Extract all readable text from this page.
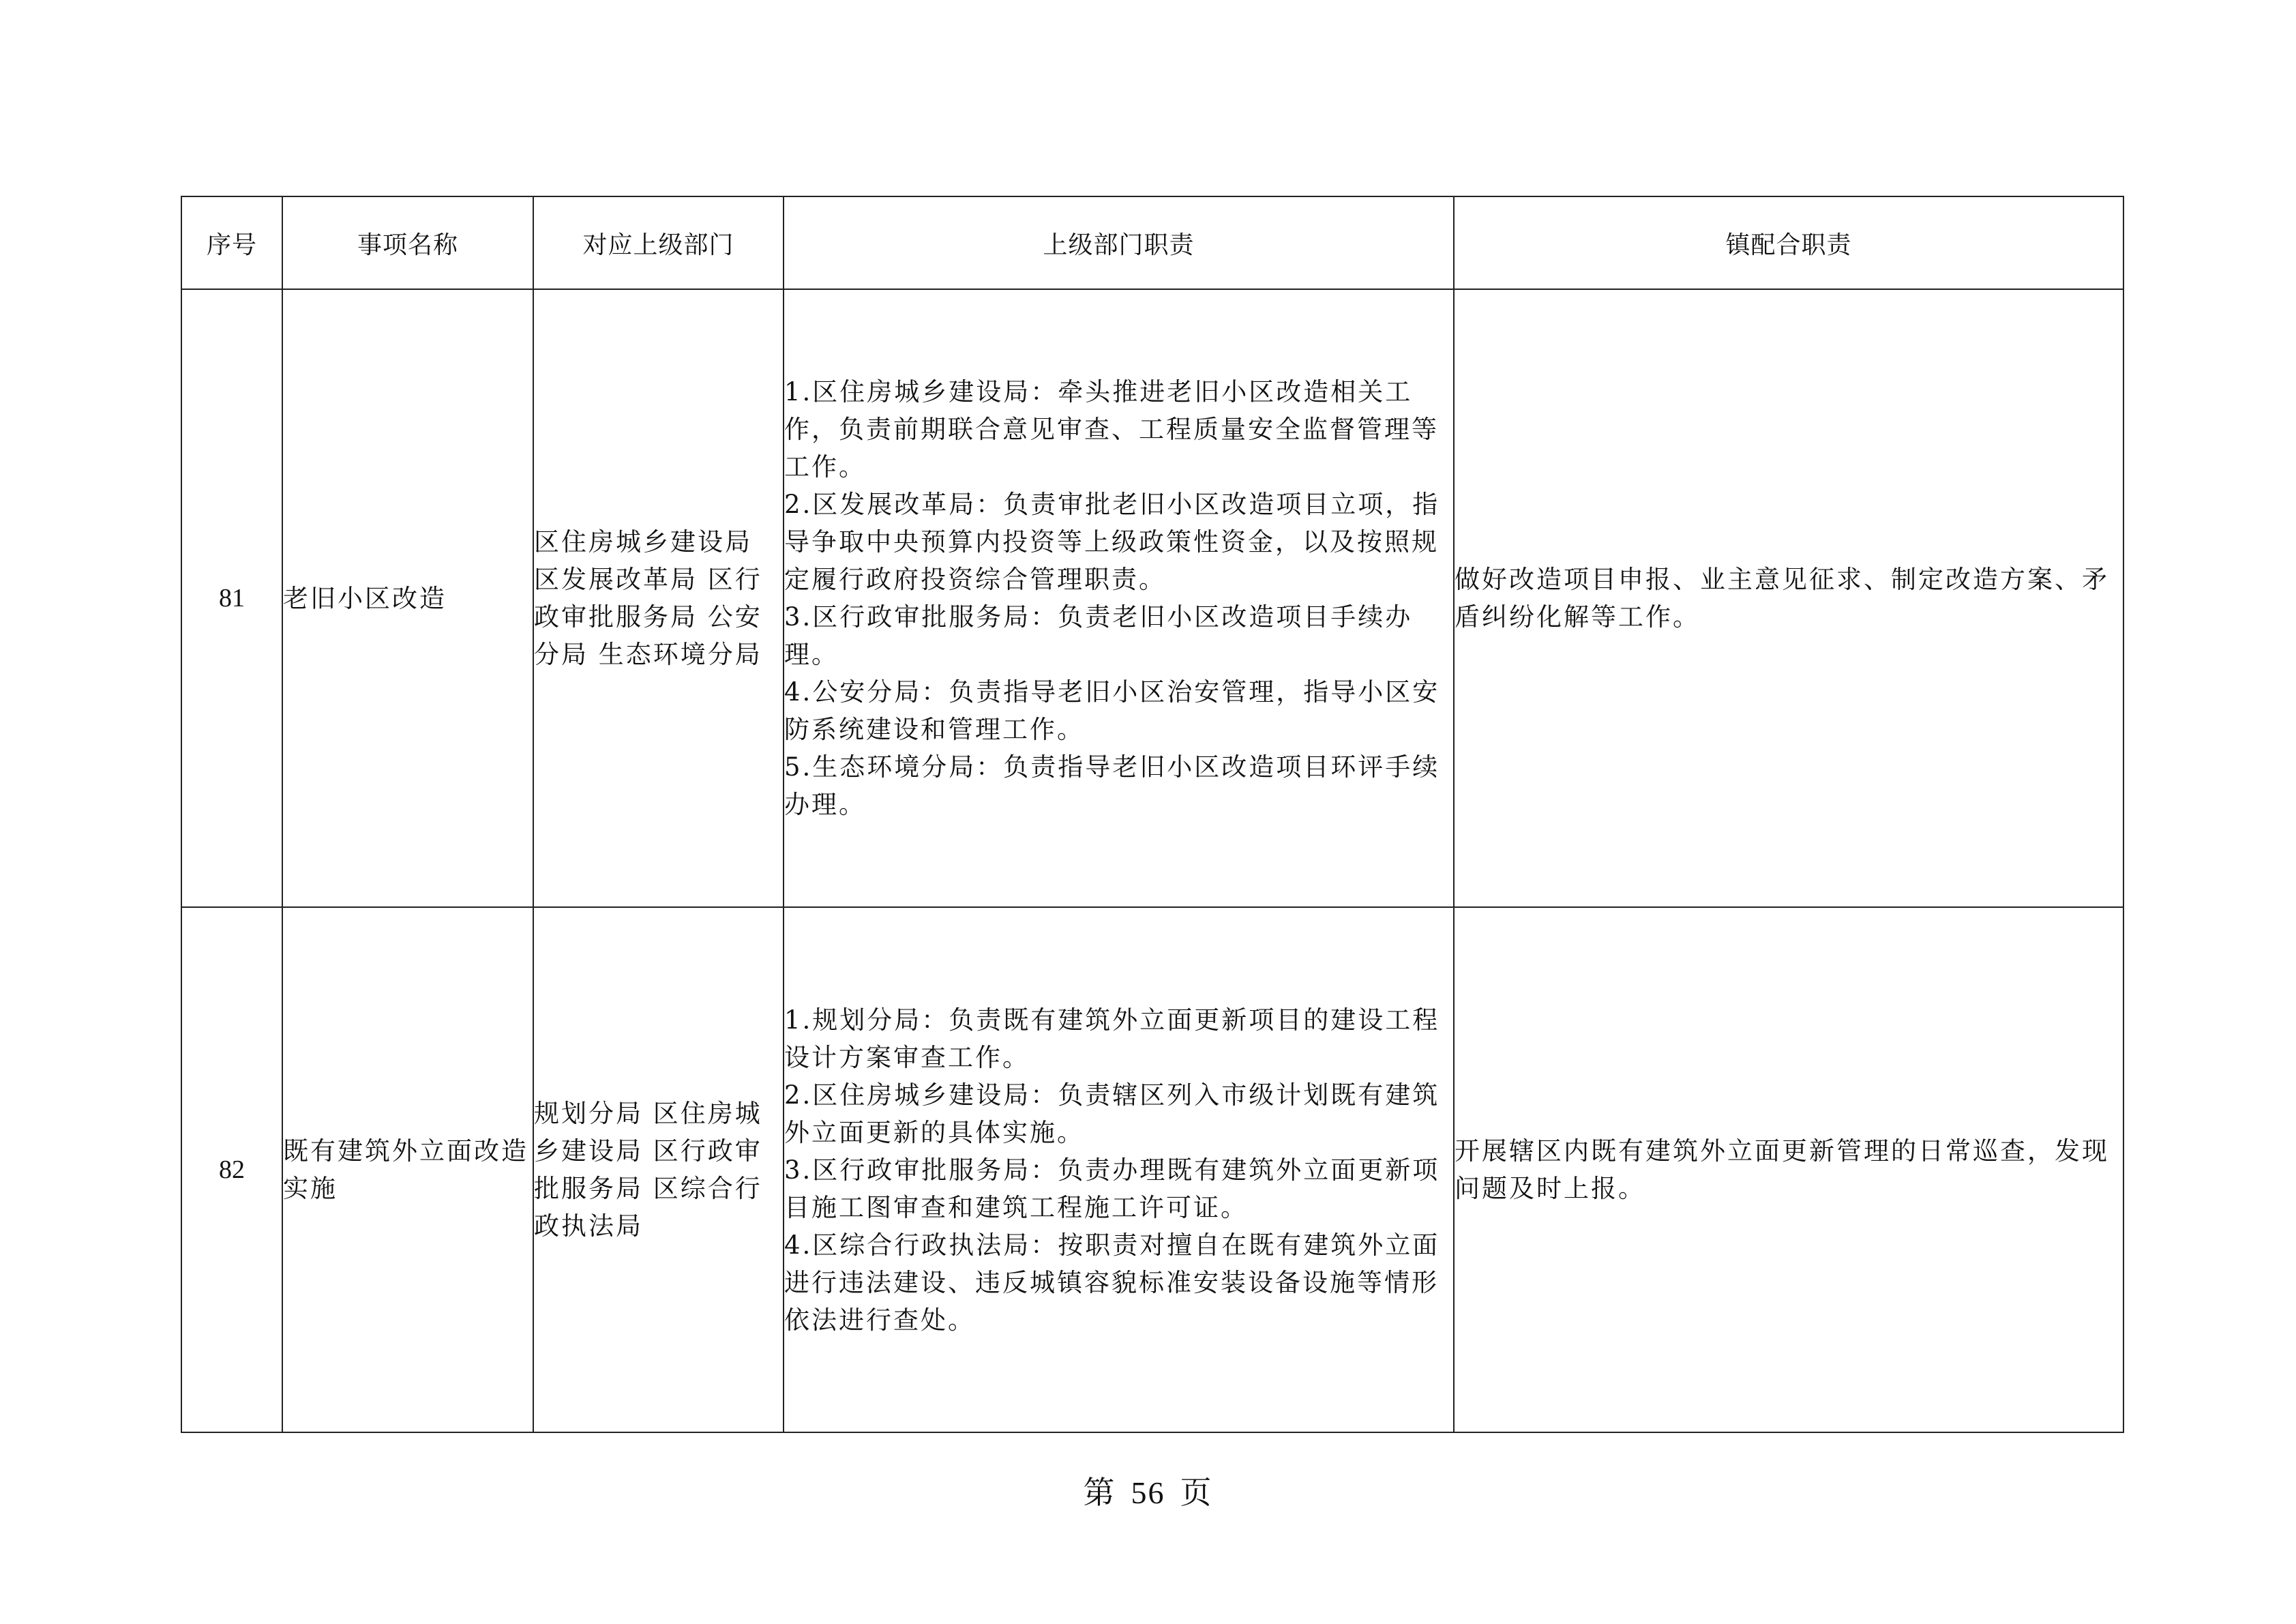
序号	事项名称	对应上级部门	上级部门职责	镇配合职责
81	老旧小区改造	区住房城乡建设局 区发展改革局 区行政审批服务局 公安分局 生态环境分局	1.区住房城乡建设局：牵头推进老旧小区改造相关工作，负责前期联合意见审查、工程质量安全监督管理等工作。
2.区发展改革局：负责审批老旧小区改造项目立项，指导争取中央预算内投资等上级政策性资金，以及按照规定履行政府投资综合管理职责。
3.区行政审批服务局：负责老旧小区改造项目手续办理。
4.公安分局：负责指导老旧小区治安管理，指导小区安防系统建设和管理工作。
5.生态环境分局：负责指导老旧小区改造项目环评手续办理。	做好改造项目申报、业主意见征求、制定改造方案、矛盾纠纷化解等工作。
82	既有建筑外立面改造实施	规划分局 区住房城乡建设局 区行政审批服务局 区综合行政执法局	1.规划分局：负责既有建筑外立面更新项目的建设工程设计方案审查工作。
2.区住房城乡建设局：负责辖区列入市级计划既有建筑外立面更新的具体实施。
3.区行政审批服务局：负责办理既有建筑外立面更新项目施工图审查和建筑工程施工许可证。
4.区综合行政执法局：按职责对擅自在既有建筑外立面进行违法建设、违反城镇容貌标准安装设备设施等情形依法进行查处。	开展辖区内既有建筑外立面更新管理的日常巡查，发现问题及时上报。
第 56 页
